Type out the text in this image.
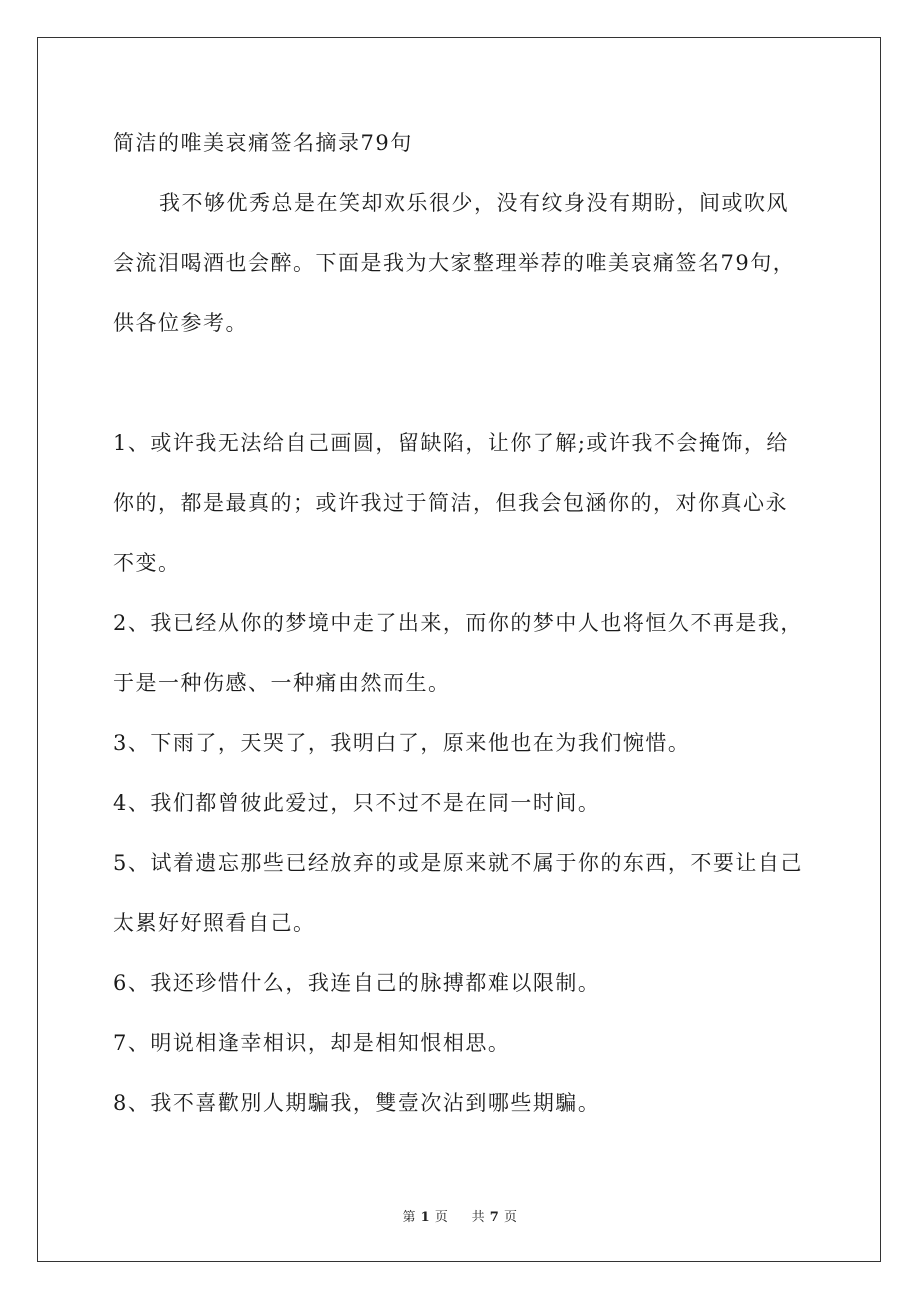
简洁的唯美哀痛签名摘录79句
我不够优秀总是在笑却欢乐很少，没有纹身没有期盼，间或吹风
会流泪喝酒也会醉。下面是我为大家整理举荐的唯美哀痛签名79句，
供各位参考。
1、或许我无法给自己画圆，留缺陷，让你了解;或许我不会掩饰，给
你的，都是最真的；或许我过于简洁，但我会包涵你的，对你真心永
不变。
2、我已经从你的梦境中走了出来，而你的梦中人也将恒久不再是我，
于是一种伤感、一种痛由然而生。
3、下雨了，天哭了，我明白了，原来他也在为我们惋惜。
4、我们都曾彼此爱过，只不过不是在同一时间。
5、试着遗忘那些已经放弃的或是原来就不属于你的东西，不要让自己
太累好好照看自己。
6、我还珍惜什么，我连自己的脉搏都难以限制。
7、明说相逢幸相识，却是相知恨相思。
8、我不喜歡別人期騙我，雙壹次沾到哪些期騙。
第 1 页 共 7 页
